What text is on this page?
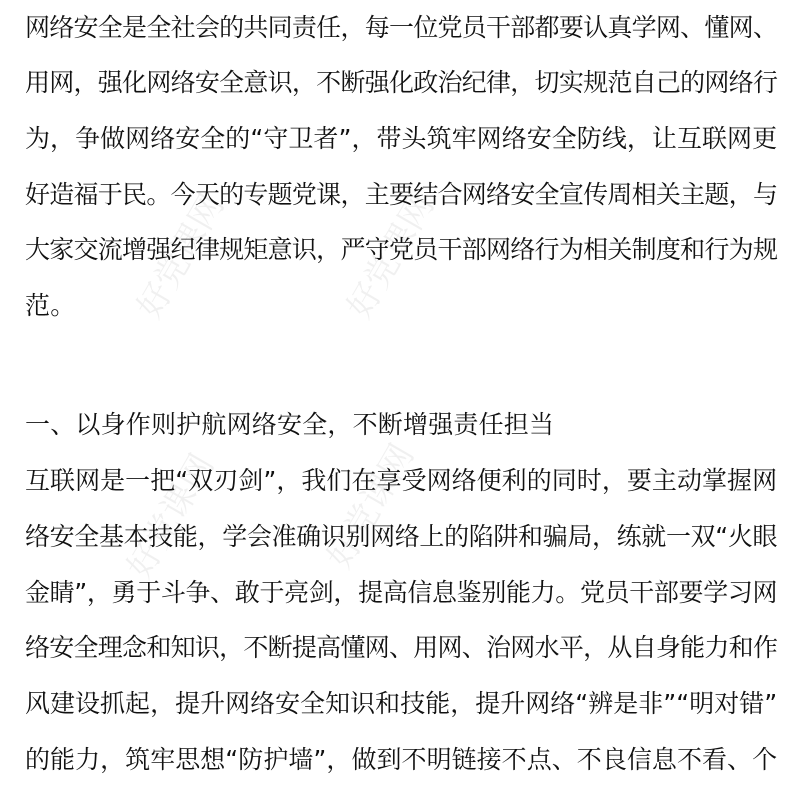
好党课网	好党课网
好党课网	好党课网
网络安全是全社会的共同责任，每一位党员干部都要认真学网、懂网、
用网，强化网络安全意识，不断强化政治纪律，切实规范自己的网络行
为，争做网络安全的“守卫者”，带头筑牢网络安全防线，让互联网更
好造福于民。今天的专题党课，主要结合网络安全宣传周相关主题，与
大家交流增强纪律规矩意识，严守党员干部网络行为相关制度和行为规
范。
一、以身作则护航网络安全，不断增强责任担当
互联网是一把“双刃剑”，我们在享受网络便利的同时，要主动掌握网
络安全基本技能，学会准确识别网络上的陷阱和骗局，练就一双“火眼
金睛”，勇于斗争、敢于亮剑，提高信息鉴别能力。党员干部要学习网
络安全理念和知识，不断提高懂网、用网、治网水平，从自身能力和作
风建设抓起，提升网络安全知识和技能，提升网络“辨是非”“明对错”
的能力，筑牢思想“防护墙”，做到不明链接不点、不良信息不看、个
